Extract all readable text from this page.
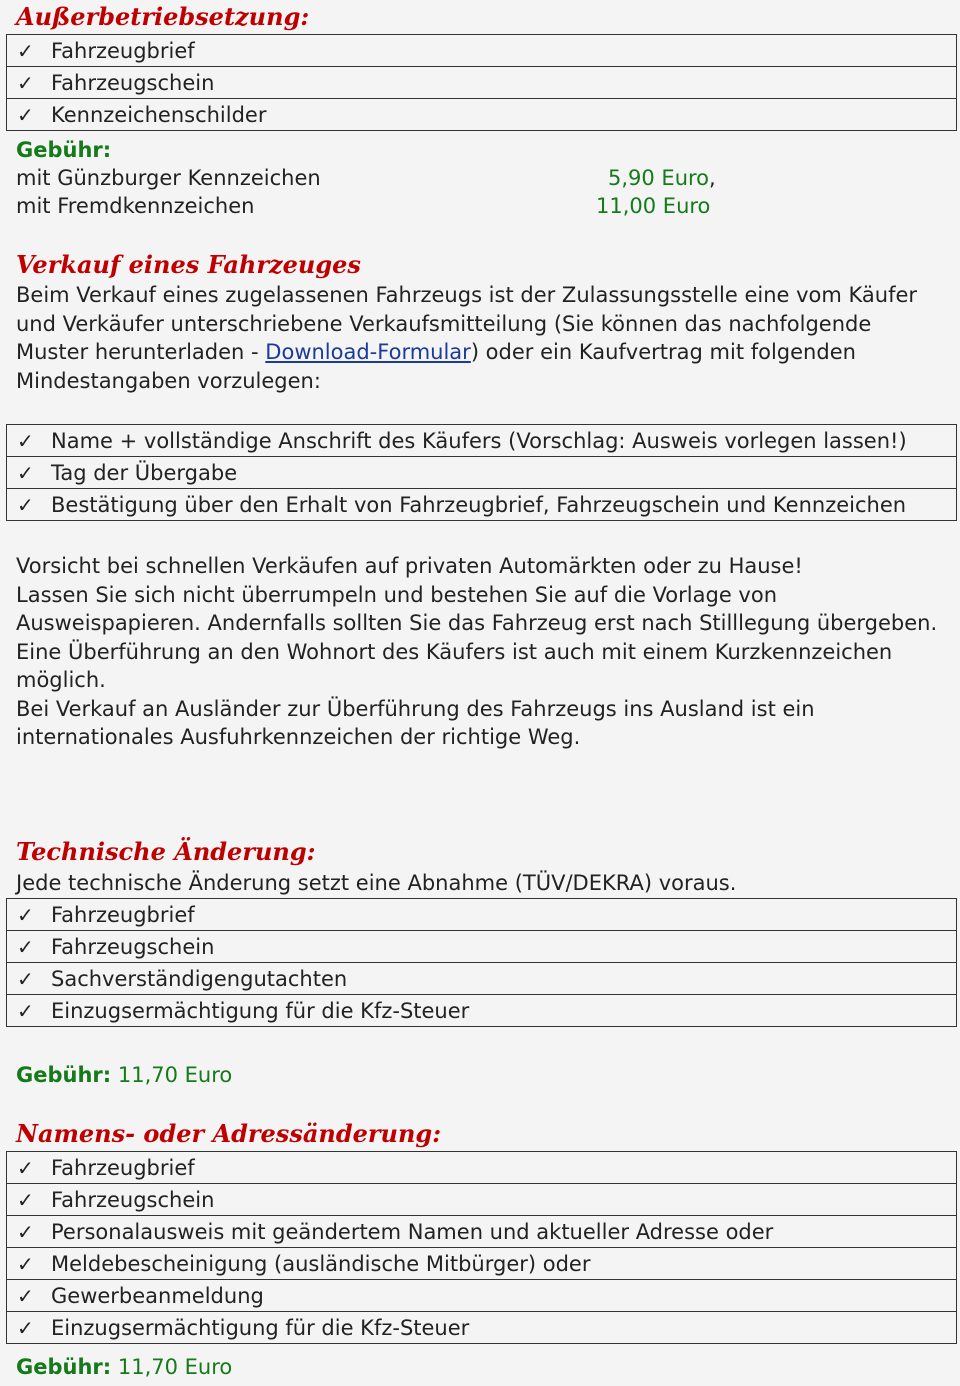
Außerbetriebsetzung:
✓ Fahrzeugbrief
✓ Fahrzeugschein
✓ Kennzeichenschilder
Gebühr:
mit Günzburger Kennzeichen	5,90 Euro,
mit Fremdkennzeichen	11,00 Euro
Verkauf eines Fahrzeuges

Beim Verkauf eines zugelassenen Fahrzeugs ist der Zulassungsstelle eine vom Käufer und Verkäufer unterschriebene Verkaufsmitteilung (Sie können das nachfolgende Muster herunterladen - Download-Formular) oder ein Kaufvertrag mit folgenden Mindestangaben vorzulegen:

✓ Name + vollständige Anschrift des Käufers (Vorschlag: Ausweis vorlegen lassen!)
✓ Tag der Übergabe
✓ Bestätigung über den Erhalt von Fahrzeugbrief, Fahrzeugschein und Kennzeichen
Vorsicht bei schnellen Verkäufen auf privaten Automärkten oder zu Hause!
Lassen Sie sich nicht überrumpeln und bestehen Sie auf die Vorlage von Ausweispapieren. Andernfalls sollten Sie das Fahrzeug erst nach Stilllegung übergeben.
Eine Überführung an den Wohnort des Käufers ist auch mit einem Kurzkennzeichen möglich.
Bei Verkauf an Ausländer zur Überführung des Fahrzeugs ins Ausland ist ein internationales Ausfuhrkennzeichen der richtige Weg.
Technische Änderung:
Jede technische Änderung setzt eine Abnahme (TÜV/DEKRA) voraus.
✓ Fahrzeugbrief
✓ Fahrzeugschein
✓ Sachverständigengutachten
✓ Einzugsermächtigung für die Kfz-Steuer
Gebühr: 11,70 Euro
Namens- oder Adressänderung:
✓ Fahrzeugbrief
✓ Fahrzeugschein
✓ Personalausweis mit geändertem Namen und aktueller Adresse oder
✓ Meldebescheinigung (ausländische Mitbürger) oder
✓ Gewerbeanmeldung
✓ Einzugsermächtigung für die Kfz-Steuer
Gebühr: 11,70 Euro
